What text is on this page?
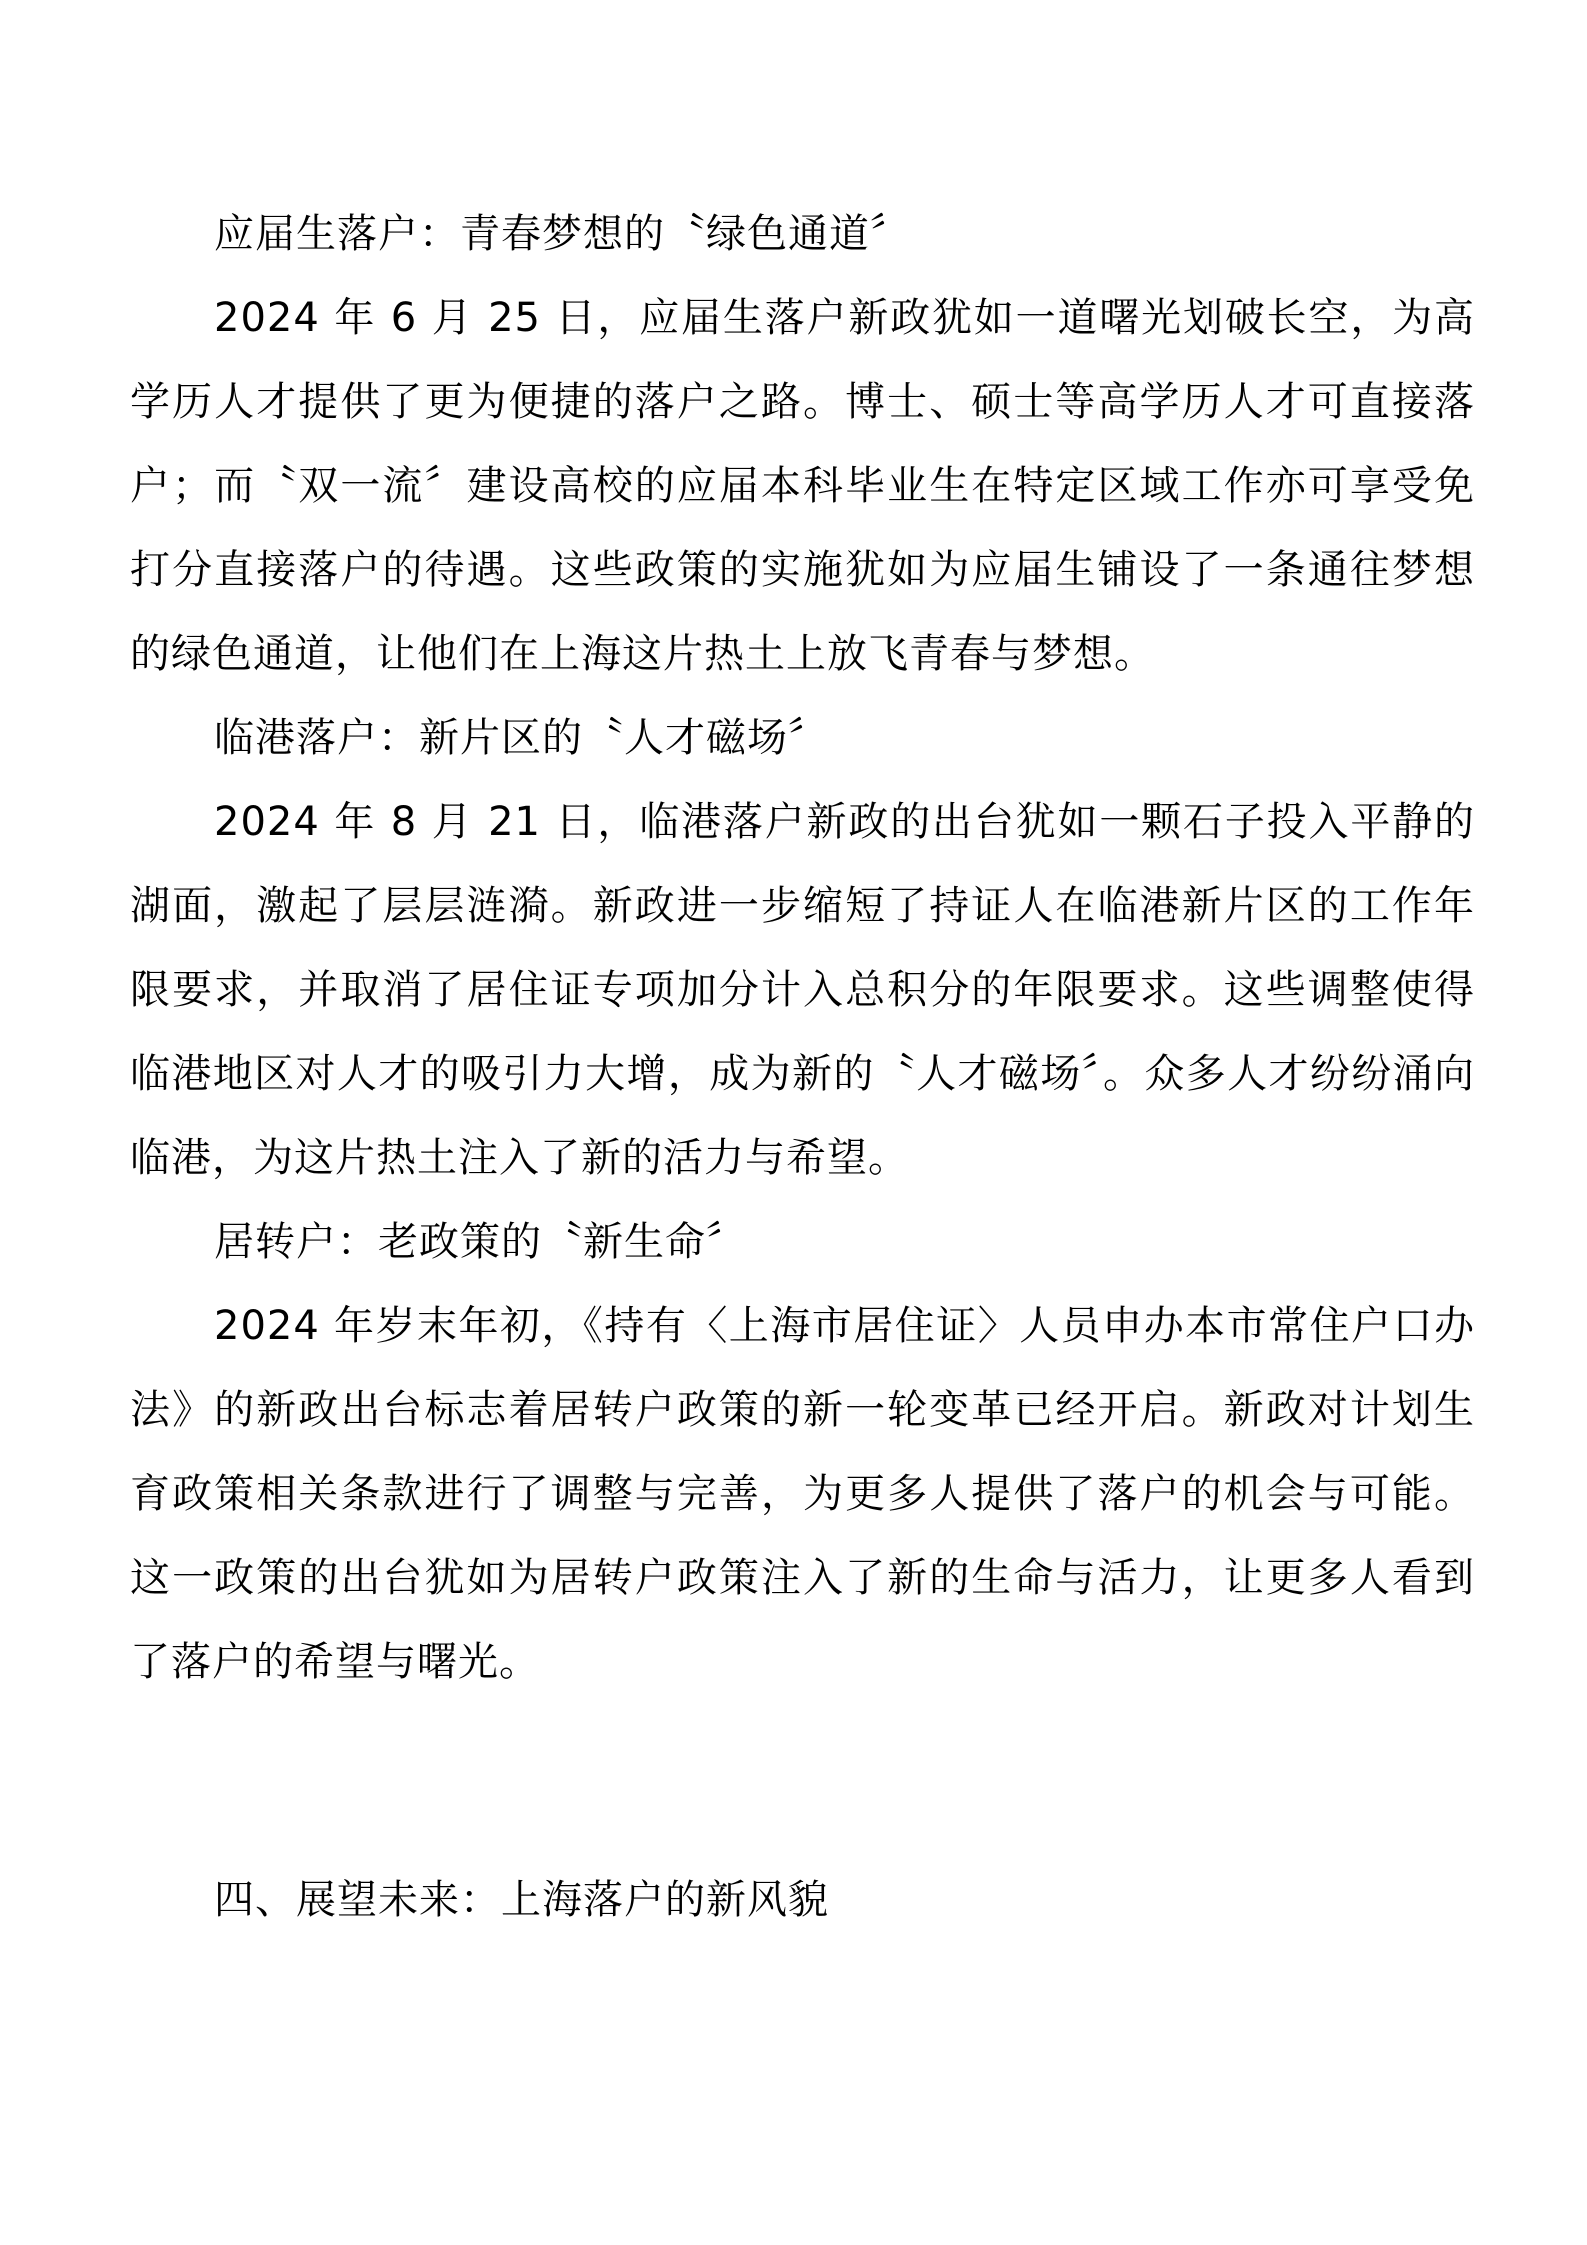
应届生落户：青春梦想的〝绿色通道〞

2024 年 6 月 25 日，应届生落户新政犹如一道曙光划破长空，为高学历人才提供了更为便捷的落户之路。博士、硕士等高学历人才可直接落户；而〝双一流〞建设高校的应届本科毕业生在特定区域工作亦可享受免打分直接落户的待遇。这些政策的实施犹如为应届生铺设了一条通往梦想的绿色通道，让他们在上海这片热土上放飞青春与梦想。

临港落户：新片区的〝人才磁场〞

2024 年 8 月 21 日，临港落户新政的出台犹如一颗石子投入平静的湖面，激起了层层涟漪。新政进一步缩短了持证人在临港新片区的工作年限要求，并取消了居住证专项加分计入总积分的年限要求。这些调整使得临港地区对人才的吸引力大增，成为新的〝人才磁场〞。众多人才纷纷涌向临港，为这片热土注入了新的活力与希望。

居转户：老政策的〝新生命〞

2024 年岁末年初，《持有〈上海市居住证〉人员申办本市常住户口办法》的新政出台标志着居转户政策的新一轮变革已经开启。新政对计划生育政策相关条款进行了调整与完善，为更多人提供了落户的机会与可能。这一政策的出台犹如为居转户政策注入了新的生命与活力，让更多人看到了落户的希望与曙光。

四、展望未来：上海落户的新风貌
